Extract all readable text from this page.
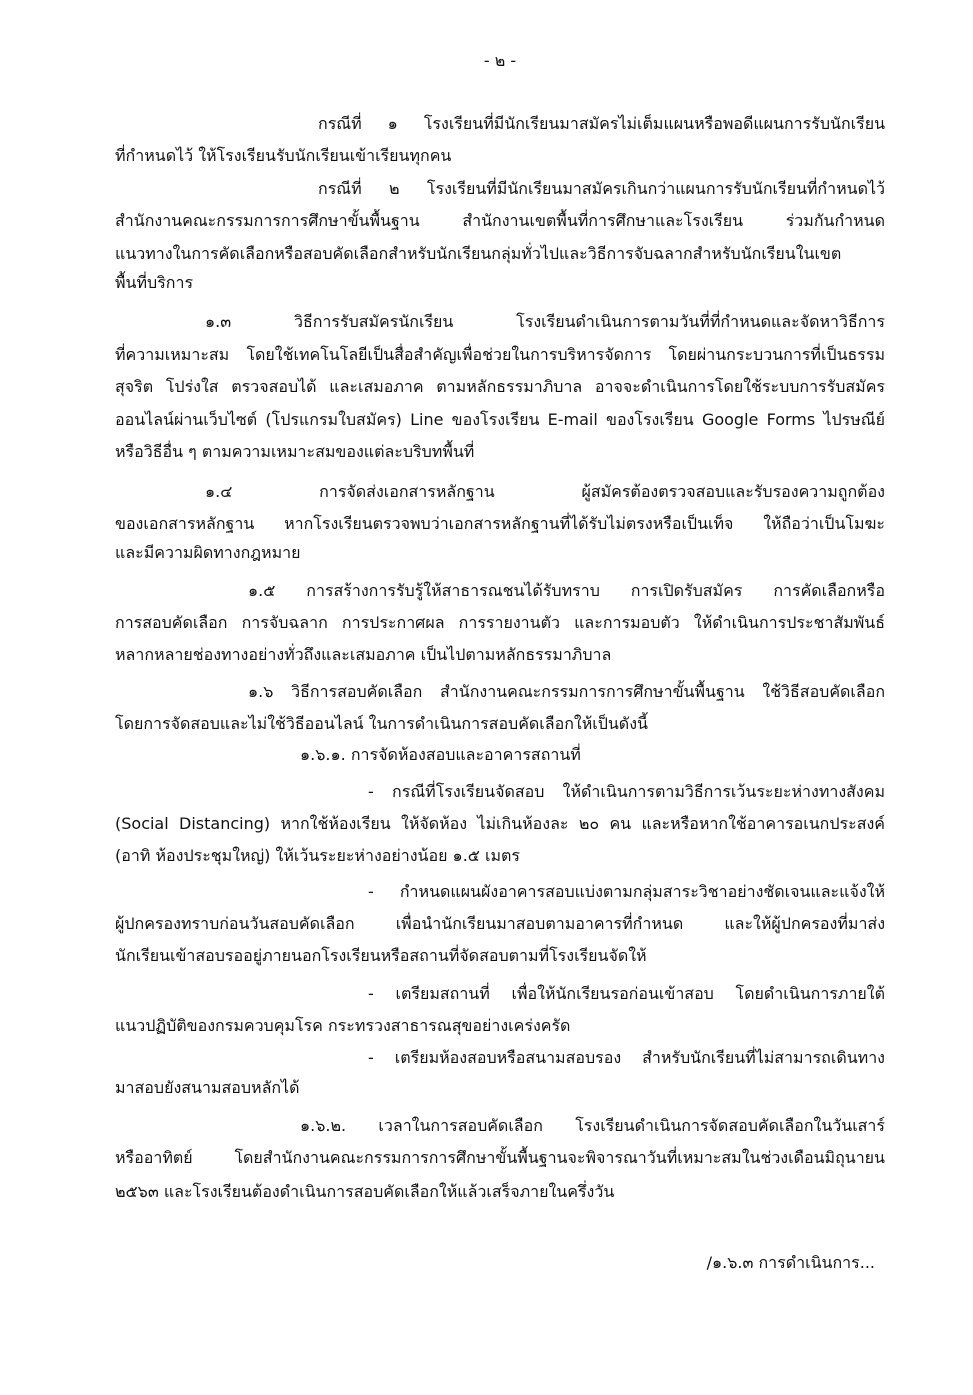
- ๒ -
กรณีที่ ๑ โรงเรียนที่มีนักเรียนมาสมัครไม่เต็มแผนหรือพอดีแผนการรับนักเรียน
ที่กำหนดไว้ ให้โรงเรียนรับนักเรียนเข้าเรียนทุกคน
กรณีที่ ๒ โรงเรียนที่มีนักเรียนมาสมัครเกินกว่าแผนการรับนักเรียนที่กำหนดไว้
สำนักงานคณะกรรมการการศึกษาขั้นพื้นฐาน สำนักงานเขตพื้นที่การศึกษาและโรงเรียน ร่วมกันกำหนด
แนวทางในการคัดเลือกหรือสอบคัดเลือกสำหรับนักเรียนกลุ่มทั่วไปและวิธีการจับฉลากสำหรับนักเรียนในเขต
พื้นที่บริการ
๑.๓ วิธีการรับสมัครนักเรียน โรงเรียนดำเนินการตามวันที่ที่กำหนดและจัดหาวิธีการ
ที่ความเหมาะสม โดยใช้เทคโนโลยีเป็นสื่อสำคัญเพื่อช่วยในการบริหารจัดการ โดยผ่านกระบวนการที่เป็นธรรม
สุจริต โปร่งใส ตรวจสอบได้ และเสมอภาค ตามหลักธรรมาภิบาล อาจจะดำเนินการโดยใช้ระบบการรับสมัคร
ออนไลน์ผ่านเว็บไซต์ (โปรแกรมใบสมัคร) Line ของโรงเรียน E-mail ของโรงเรียน Google Forms ไปรษณีย์
หรือวิธีอื่น ๆ ตามความเหมาะสมของแต่ละบริบทพื้นที่
๑.๔ การจัดส่งเอกสารหลักฐาน ผู้สมัครต้องตรวจสอบและรับรองความถูกต้อง
ของเอกสารหลักฐาน หากโรงเรียนตรวจพบว่าเอกสารหลักฐานที่ได้รับไม่ตรงหรือเป็นเท็จ ให้ถือว่าเป็นโมฆะ
และมีความผิดทางกฎหมาย
๑.๕ การสร้างการรับรู้ให้สาธารณชนได้รับทราบ การเปิดรับสมัคร การคัดเลือกหรือ
การสอบคัดเลือก การจับฉลาก การประกาศผล การรายงานตัว และการมอบตัว ให้ดำเนินการประชาสัมพันธ์
หลากหลายช่องทางอย่างทั่วถึงและเสมอภาค เป็นไปตามหลักธรรมาภิบาล
๑.๖ วิธีการสอบคัดเลือก สำนักงานคณะกรรมการการศึกษาขั้นพื้นฐาน ใช้วิธีสอบคัดเลือก
โดยการจัดสอบและไม่ใช้วิธีออนไลน์ ในการดำเนินการสอบคัดเลือกให้เป็นดังนี้
๑.๖.๑. การจัดห้องสอบและอาคารสถานที่
- กรณีที่โรงเรียนจัดสอบ ให้ดำเนินการตามวิธีการเว้นระยะห่างทางสังคม
(Social Distancing) หากใช้ห้องเรียน ให้จัดห้อง ไม่เกินห้องละ ๒๐ คน และหรือหากใช้อาคารอเนกประสงค์
(อาทิ ห้องประชุมใหญ่) ให้เว้นระยะห่างอย่างน้อย ๑.๕ เมตร
- กำหนดแผนผังอาคารสอบแบ่งตามกลุ่มสาระวิชาอย่างชัดเจนและแจ้งให้
ผู้ปกครองทราบก่อนวันสอบคัดเลือก เพื่อนำนักเรียนมาสอบตามอาคารที่กำหนด และให้ผู้ปกครองที่มาส่ง
นักเรียนเข้าสอบรออยู่ภายนอกโรงเรียนหรือสถานที่จัดสอบตามที่โรงเรียนจัดให้
- เตรียมสถานที่ เพื่อให้นักเรียนรอก่อนเข้าสอบ โดยดำเนินการภายใต้
แนวปฏิบัติของกรมควบคุมโรค กระทรวงสาธารณสุขอย่างเคร่งครัด
- เตรียมห้องสอบหรือสนามสอบรอง สำหรับนักเรียนที่ไม่สามารถเดินทาง
มาสอบยังสนามสอบหลักได้
๑.๖.๒. เวลาในการสอบคัดเลือก โรงเรียนดำเนินการจัดสอบคัดเลือกในวันเสาร์
หรืออาทิตย์ โดยสำนักงานคณะกรรมการการศึกษาขั้นพื้นฐานจะพิจารณาวันที่เหมาะสมในช่วงเดือนมิถุนายน
๒๕๖๓ และโรงเรียนต้องดำเนินการสอบคัดเลือกให้แล้วเสร็จภายในครึ่งวัน
/๑.๖.๓ การดำเนินการ...
